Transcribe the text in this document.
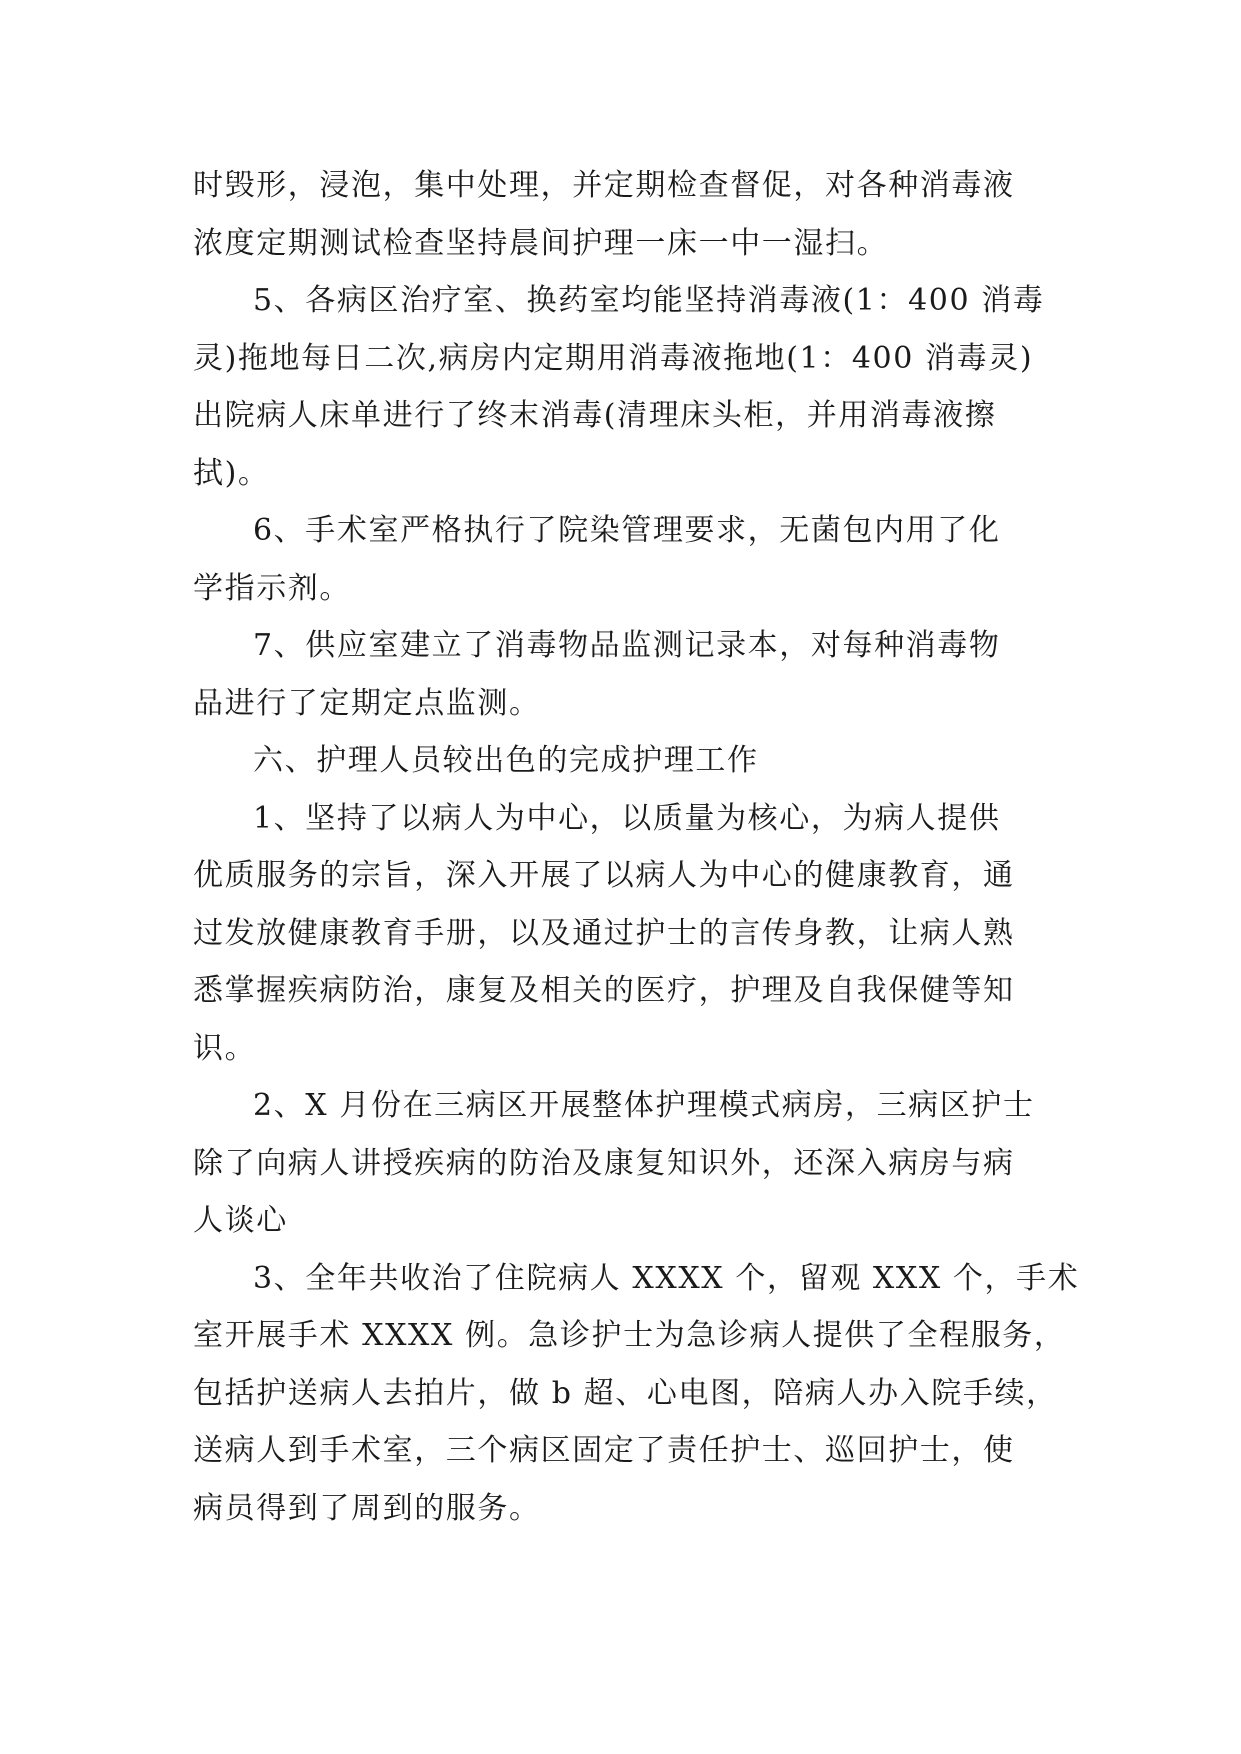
时毁形，浸泡，集中处理，并定期检查督促，对各种消毒液
浓度定期测试检查坚持晨间护理一床一中一湿扫。
5、各病区治疗室、换药室均能坚持消毒液(1：400 消毒
灵)拖地每日二次,病房内定期用消毒液拖地(1：400 消毒灵)
出院病人床单进行了终末消毒(清理床头柜，并用消毒液擦
拭)。
6、手术室严格执行了院染管理要求，无菌包内用了化
学指示剂。
7、供应室建立了消毒物品监测记录本，对每种消毒物
品进行了定期定点监测。
六、护理人员较出色的完成护理工作
1、坚持了以病人为中心，以质量为核心，为病人提供
优质服务的宗旨，深入开展了以病人为中心的健康教育，通
过发放健康教育手册，以及通过护士的言传身教，让病人熟
悉掌握疾病防治，康复及相关的医疗，护理及自我保健等知
识。
2、X 月份在三病区开展整体护理模式病房，三病区护士
除了向病人讲授疾病的防治及康复知识外，还深入病房与病
人谈心
3、全年共收治了住院病人 XXXX 个，留观 XXX 个，手术
室开展手术 XXXX 例。急诊护士为急诊病人提供了全程服务，
包括护送病人去拍片，做 b 超、心电图，陪病人办入院手续，
送病人到手术室，三个病区固定了责任护士、巡回护士，使
病员得到了周到的服务。
